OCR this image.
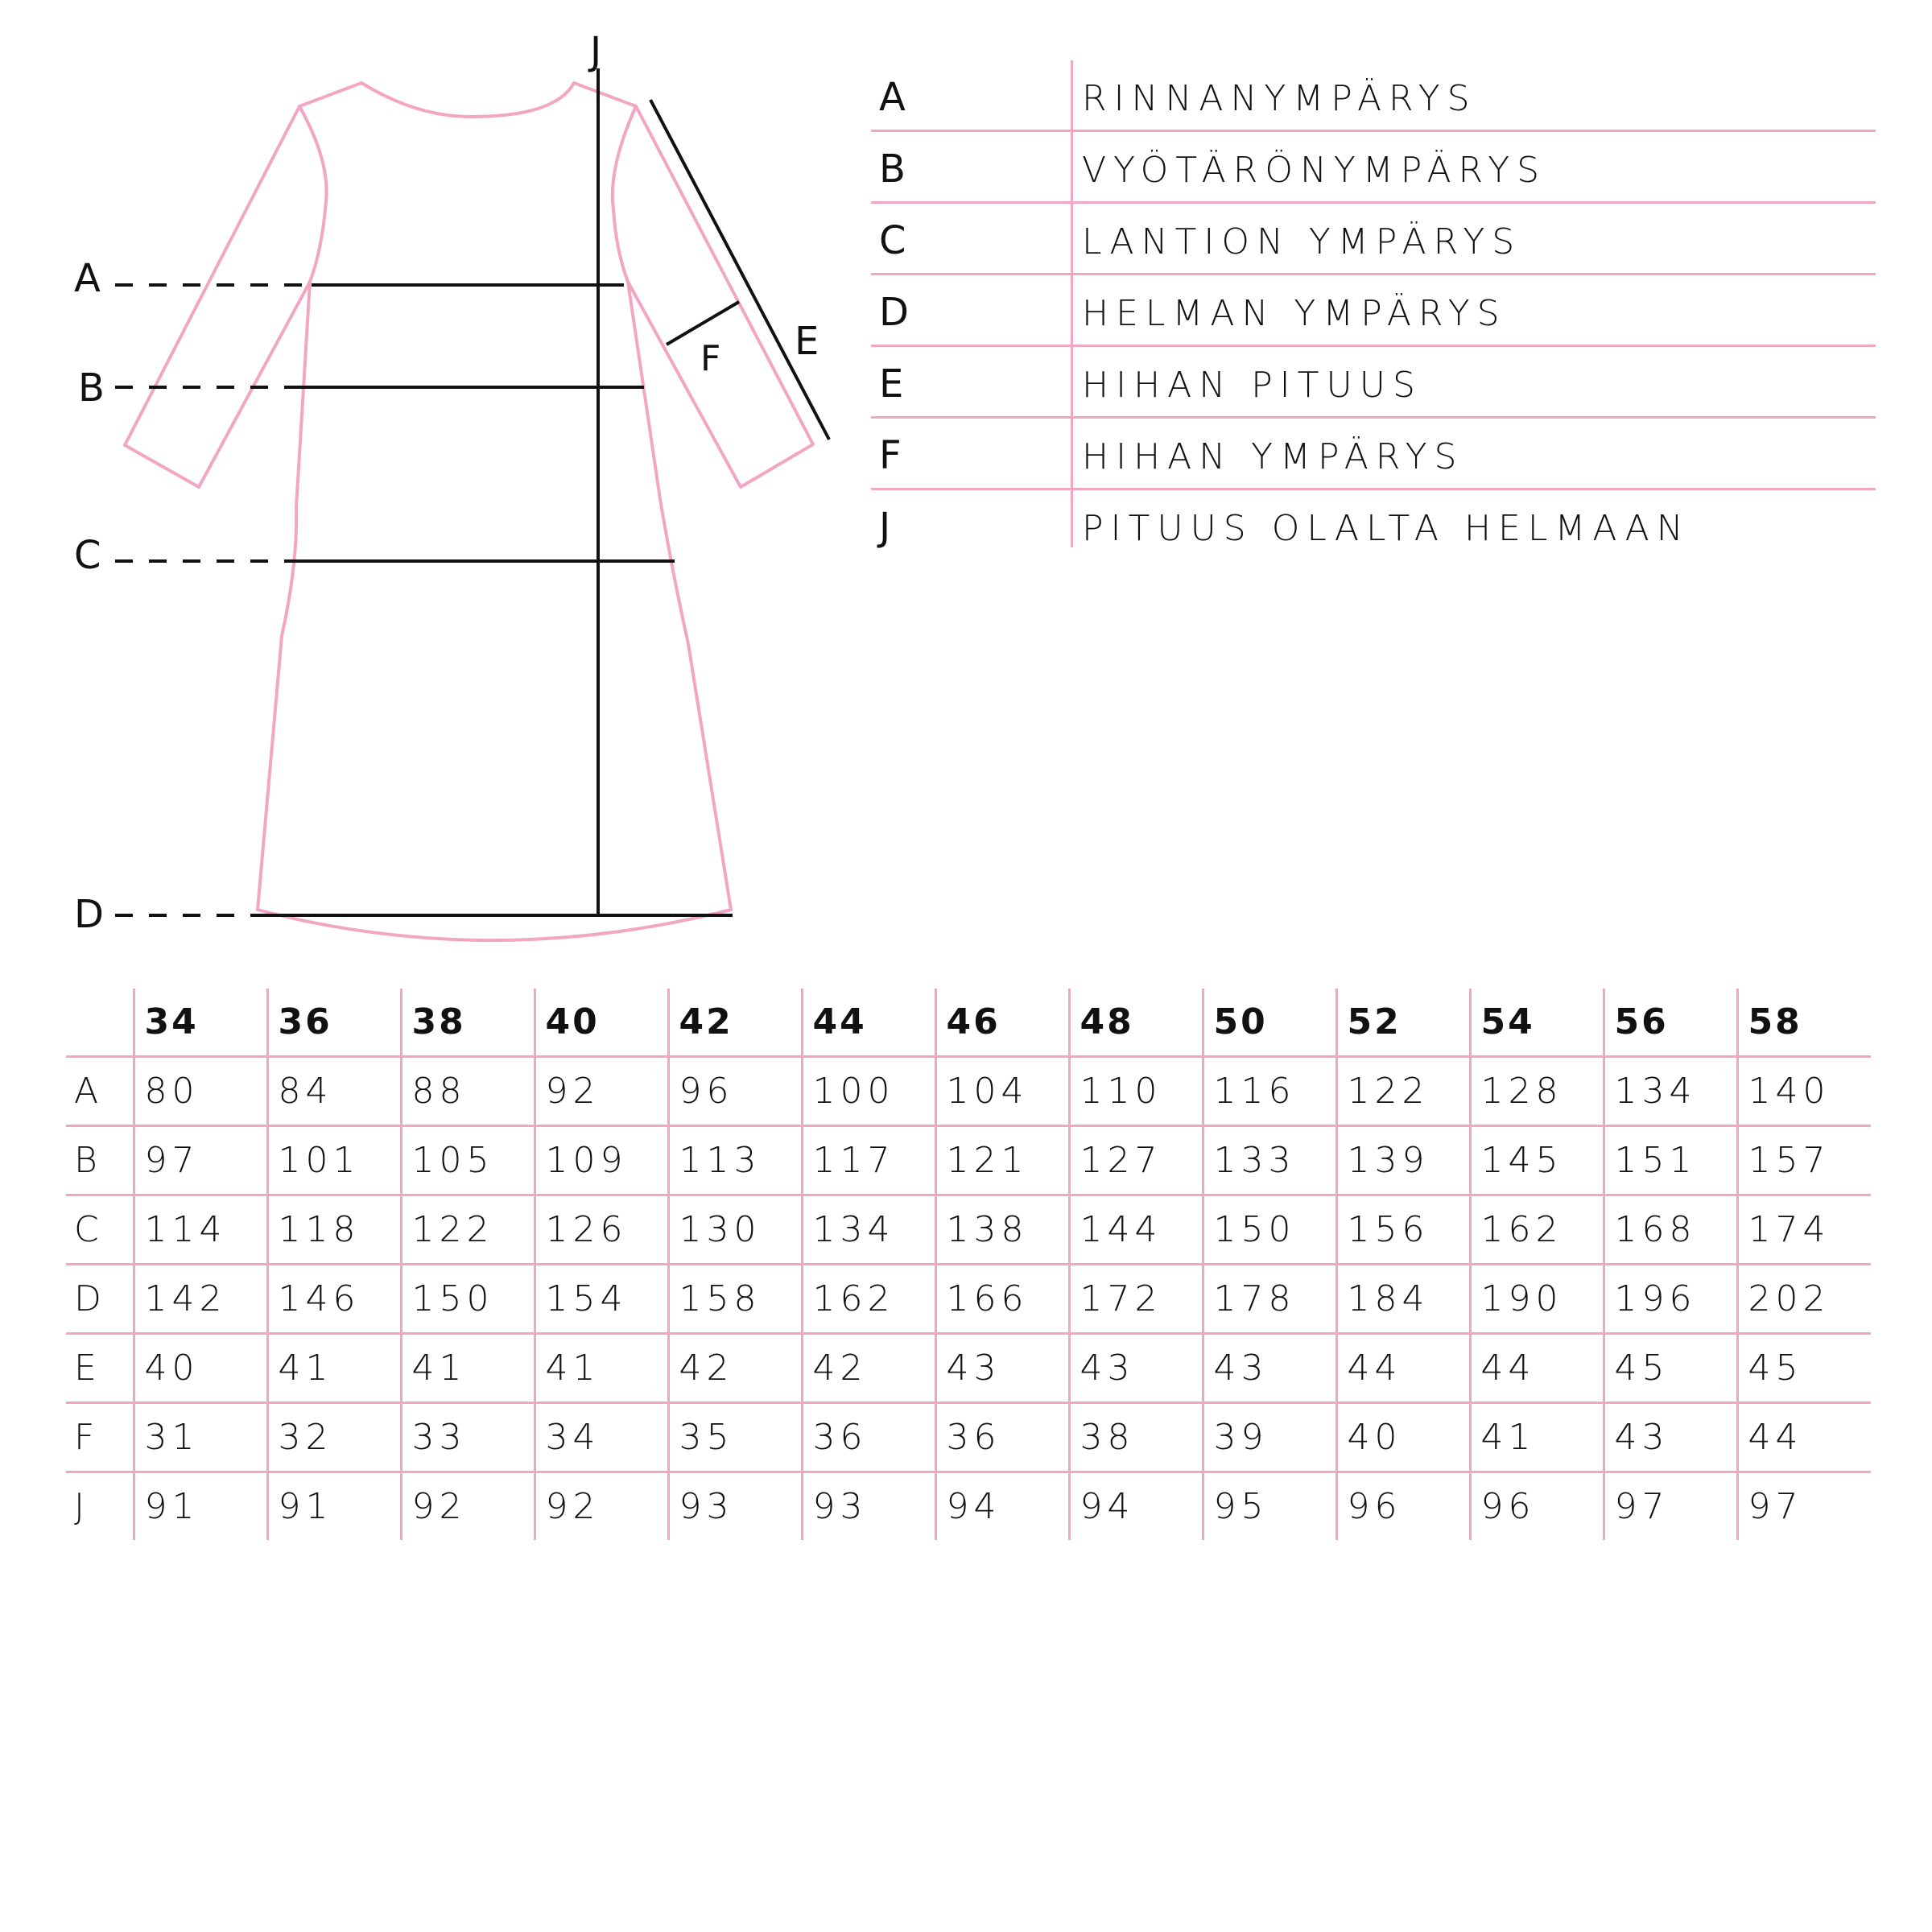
A
B
C
D
J
E
F
A	RINNANYMPÄRYS
B	VYÖTÄRÖNYMPÄRYS
C	LANTION YMPÄRYS
D	HELMAN YMPÄRYS
E	HIHAN PITUUS
F	HIHAN YMPÄRYS
J	PITUUS OLALTA HELMAAN
	34	36	38	40	42	44	46	48	50	52	54	56	58
A	80	84	88	92	96	100	104	110	116	122	128	134	140
B	97	101	105	109	113	117	121	127	133	139	145	151	157
C	114	118	122	126	130	134	138	144	150	156	162	168	174
D	142	146	150	154	158	162	166	172	178	184	190	196	202
E	40	41	41	41	42	42	43	43	43	44	44	45	45
F	31	32	33	34	35	36	36	38	39	40	41	43	44
J	91	91	92	92	93	93	94	94	95	96	96	97	97
